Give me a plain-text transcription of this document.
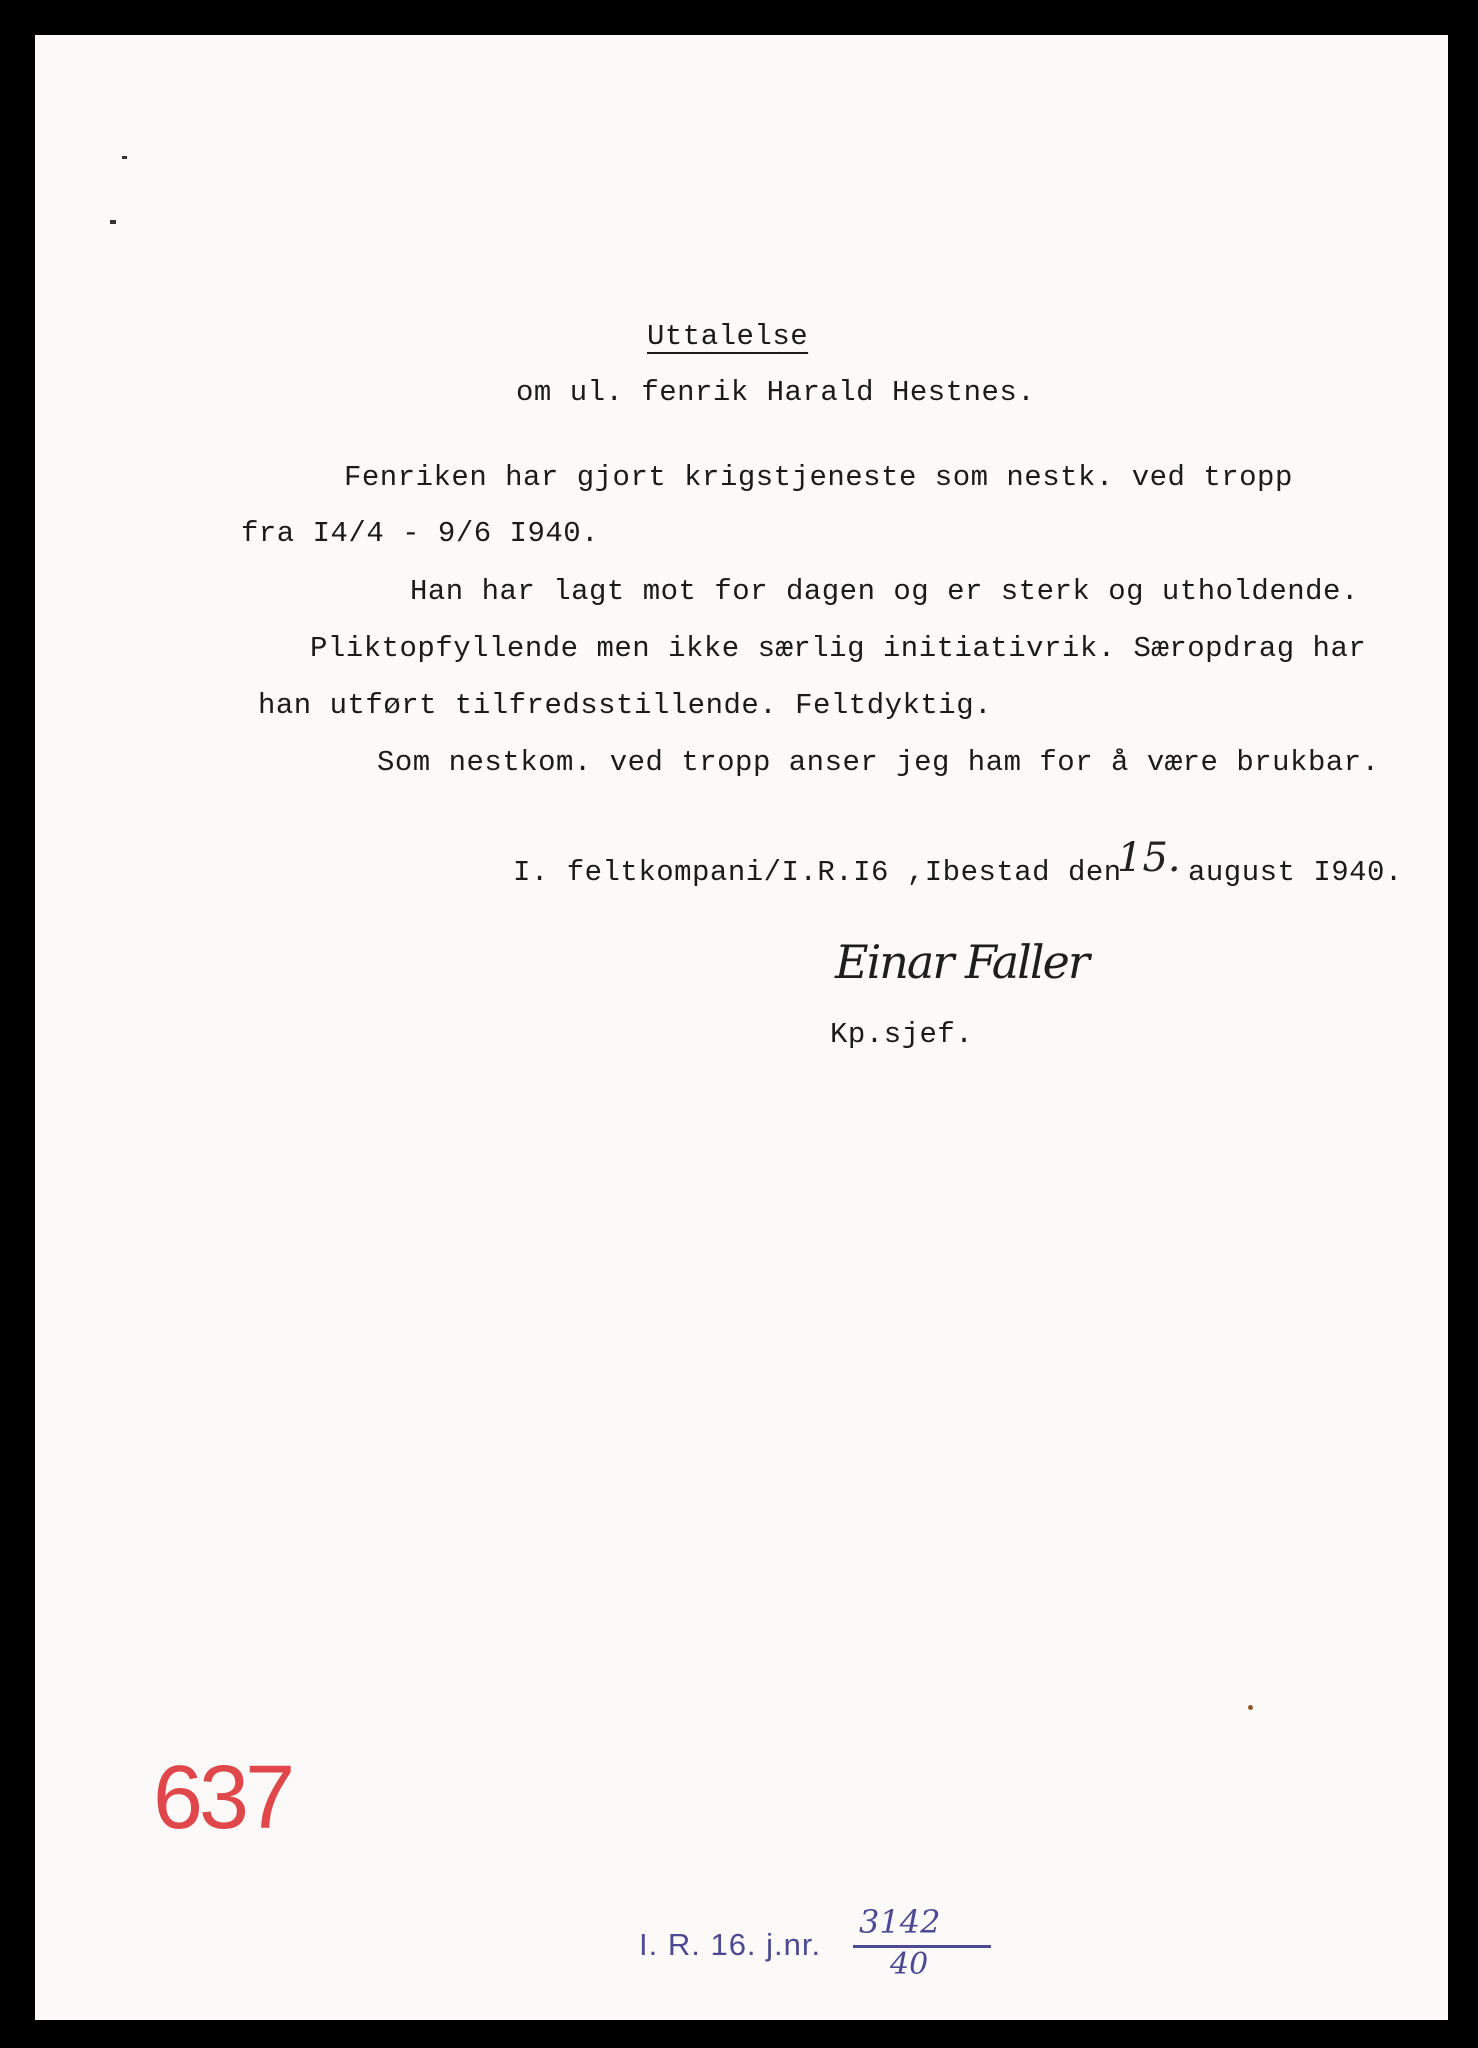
Uttalelse
om ul. fenrik Harald Hestnes.
Fenriken har gjort krigstjeneste som nestk. ved tropp
fra I4/4 - 9/6 I940.
Han har lagt mot for dagen og er sterk og utholdende.
Pliktopfyllende men ikke særlig initiativrik. Særopdrag har
han utført tilfredsstillende. Feltdyktig.
Som nestkom. ved tropp anser jeg ham for å være brukbar.
I. feltkompani/I.R.I6 ,Ibestad den
15. august I940.
Einar Faller
Kp.sjef.
637
I. R. 16. j.nr.
3142
40
